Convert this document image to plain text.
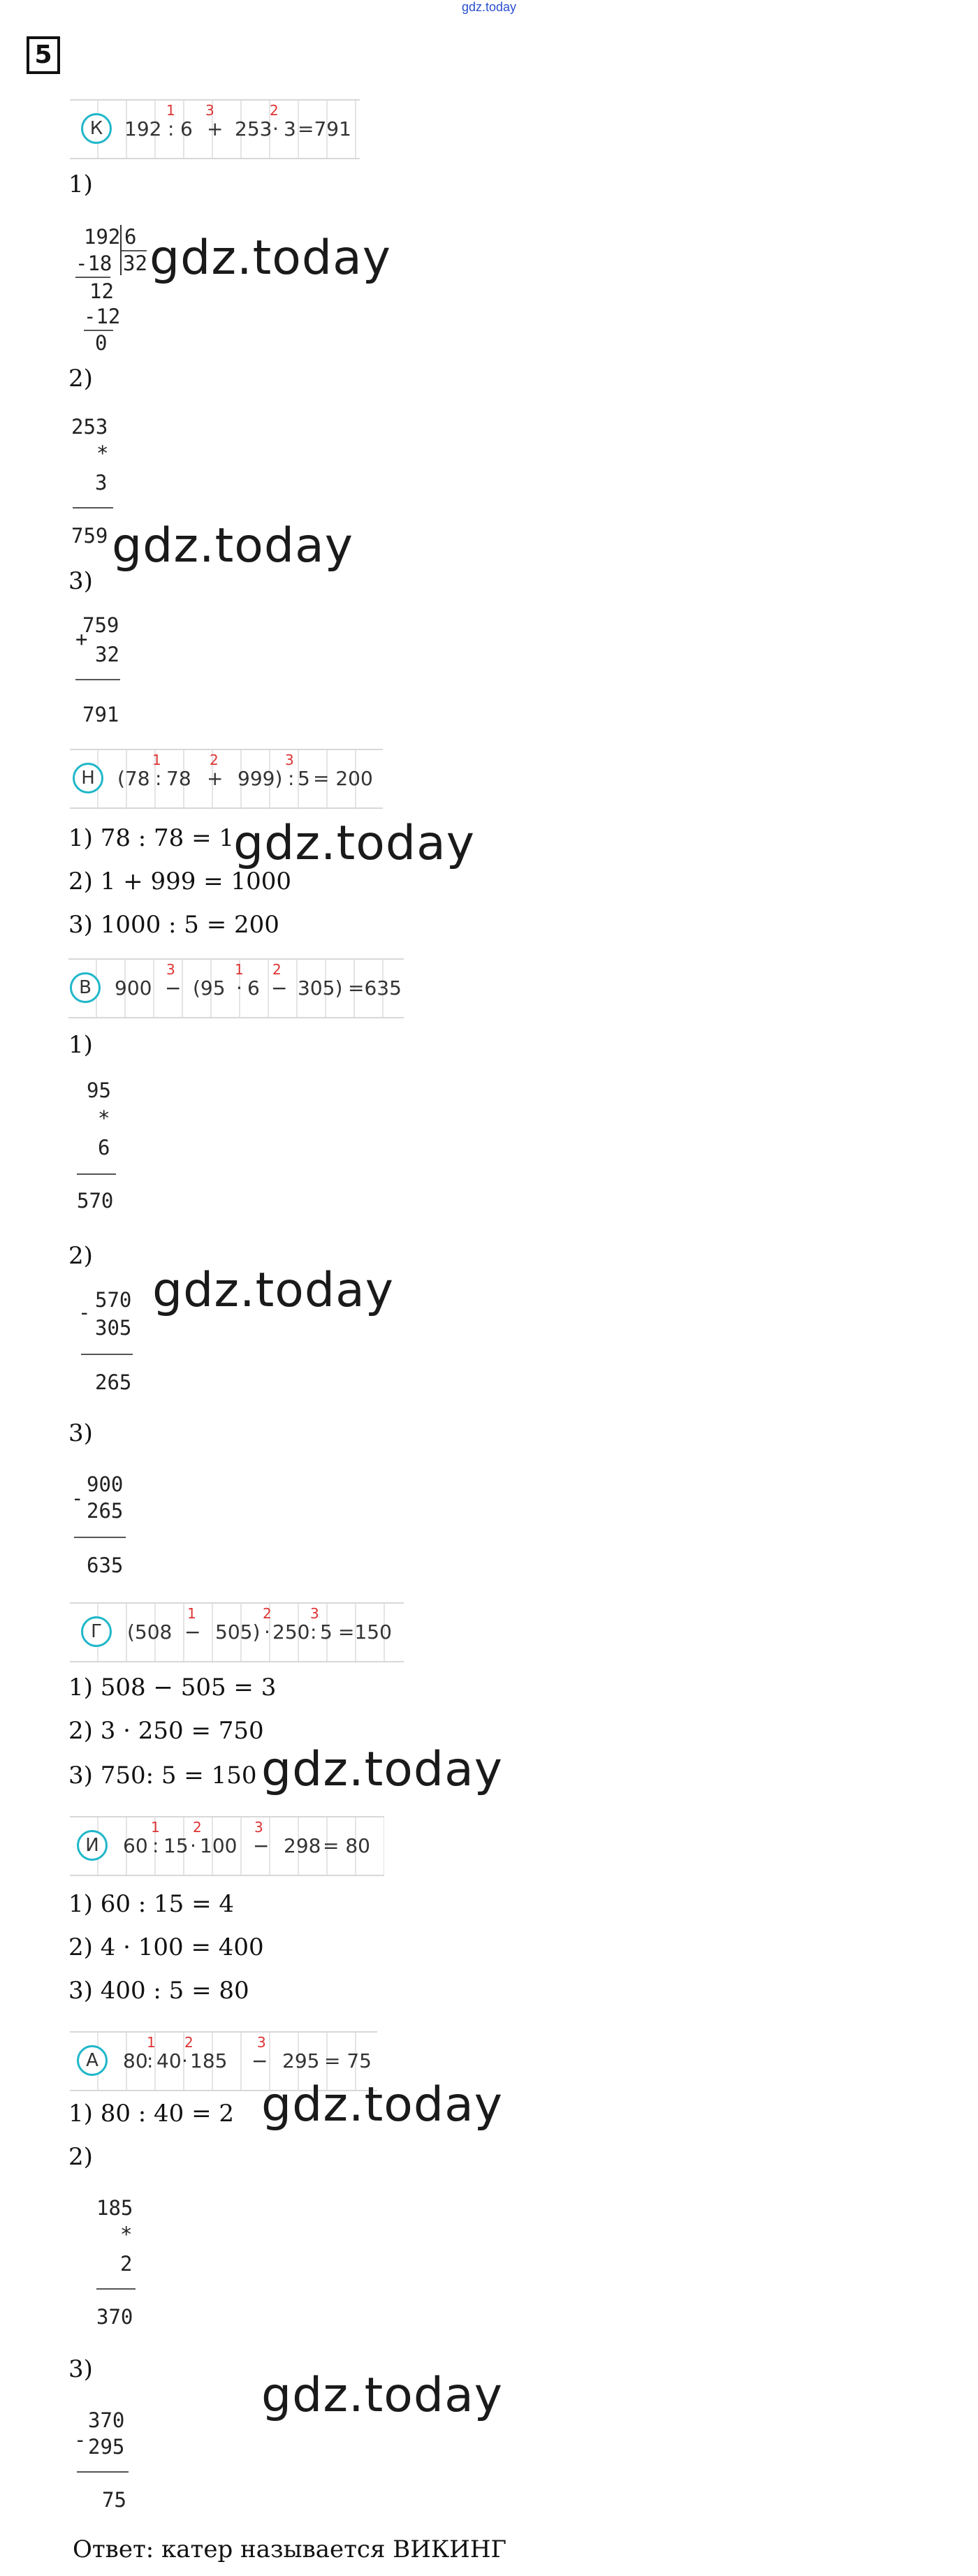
gdz.today
5
К	192 : 6 + 253 · 3 =791
1 3	2
1)
192 6
32
-18
12
-12
0
gdz.today
2)
253
*
3
759 gdz.today
3)
+
759
32
791
Н	(78 : 78 + 999) : 5 = 200
1	2	3
1) 78 : 78 = 1
2) 1 + 999 = 1000
3) 1000 : 5 = 200
gdz.today
В	900 − (95 · 6 − 305) =635
3	1 2
1)
95
*
6
570
2)
-
570
305
265
gdz.today
3)
-
900
265
635
Г	(508 − 505) · 250 : 5 =150
1	2	3
1) 508 − 505 = 3
2) 3 · 250 = 750
3) 750: 5 = 150 gdz.today
И	60 : 15 · 100 − 298 = 80
1 2	3
1) 60 : 15 = 4
2) 4 · 100 = 400
3) 400 : 5 = 80
А	80
: 40 · 185 − 295 = 75
1 2	3
1) 80 : 40 = 2 gdz.today
2)
185
*
2
370
3)
-
370
295
75
gdz.today
Ответ: катер называется ВИКИНГ
